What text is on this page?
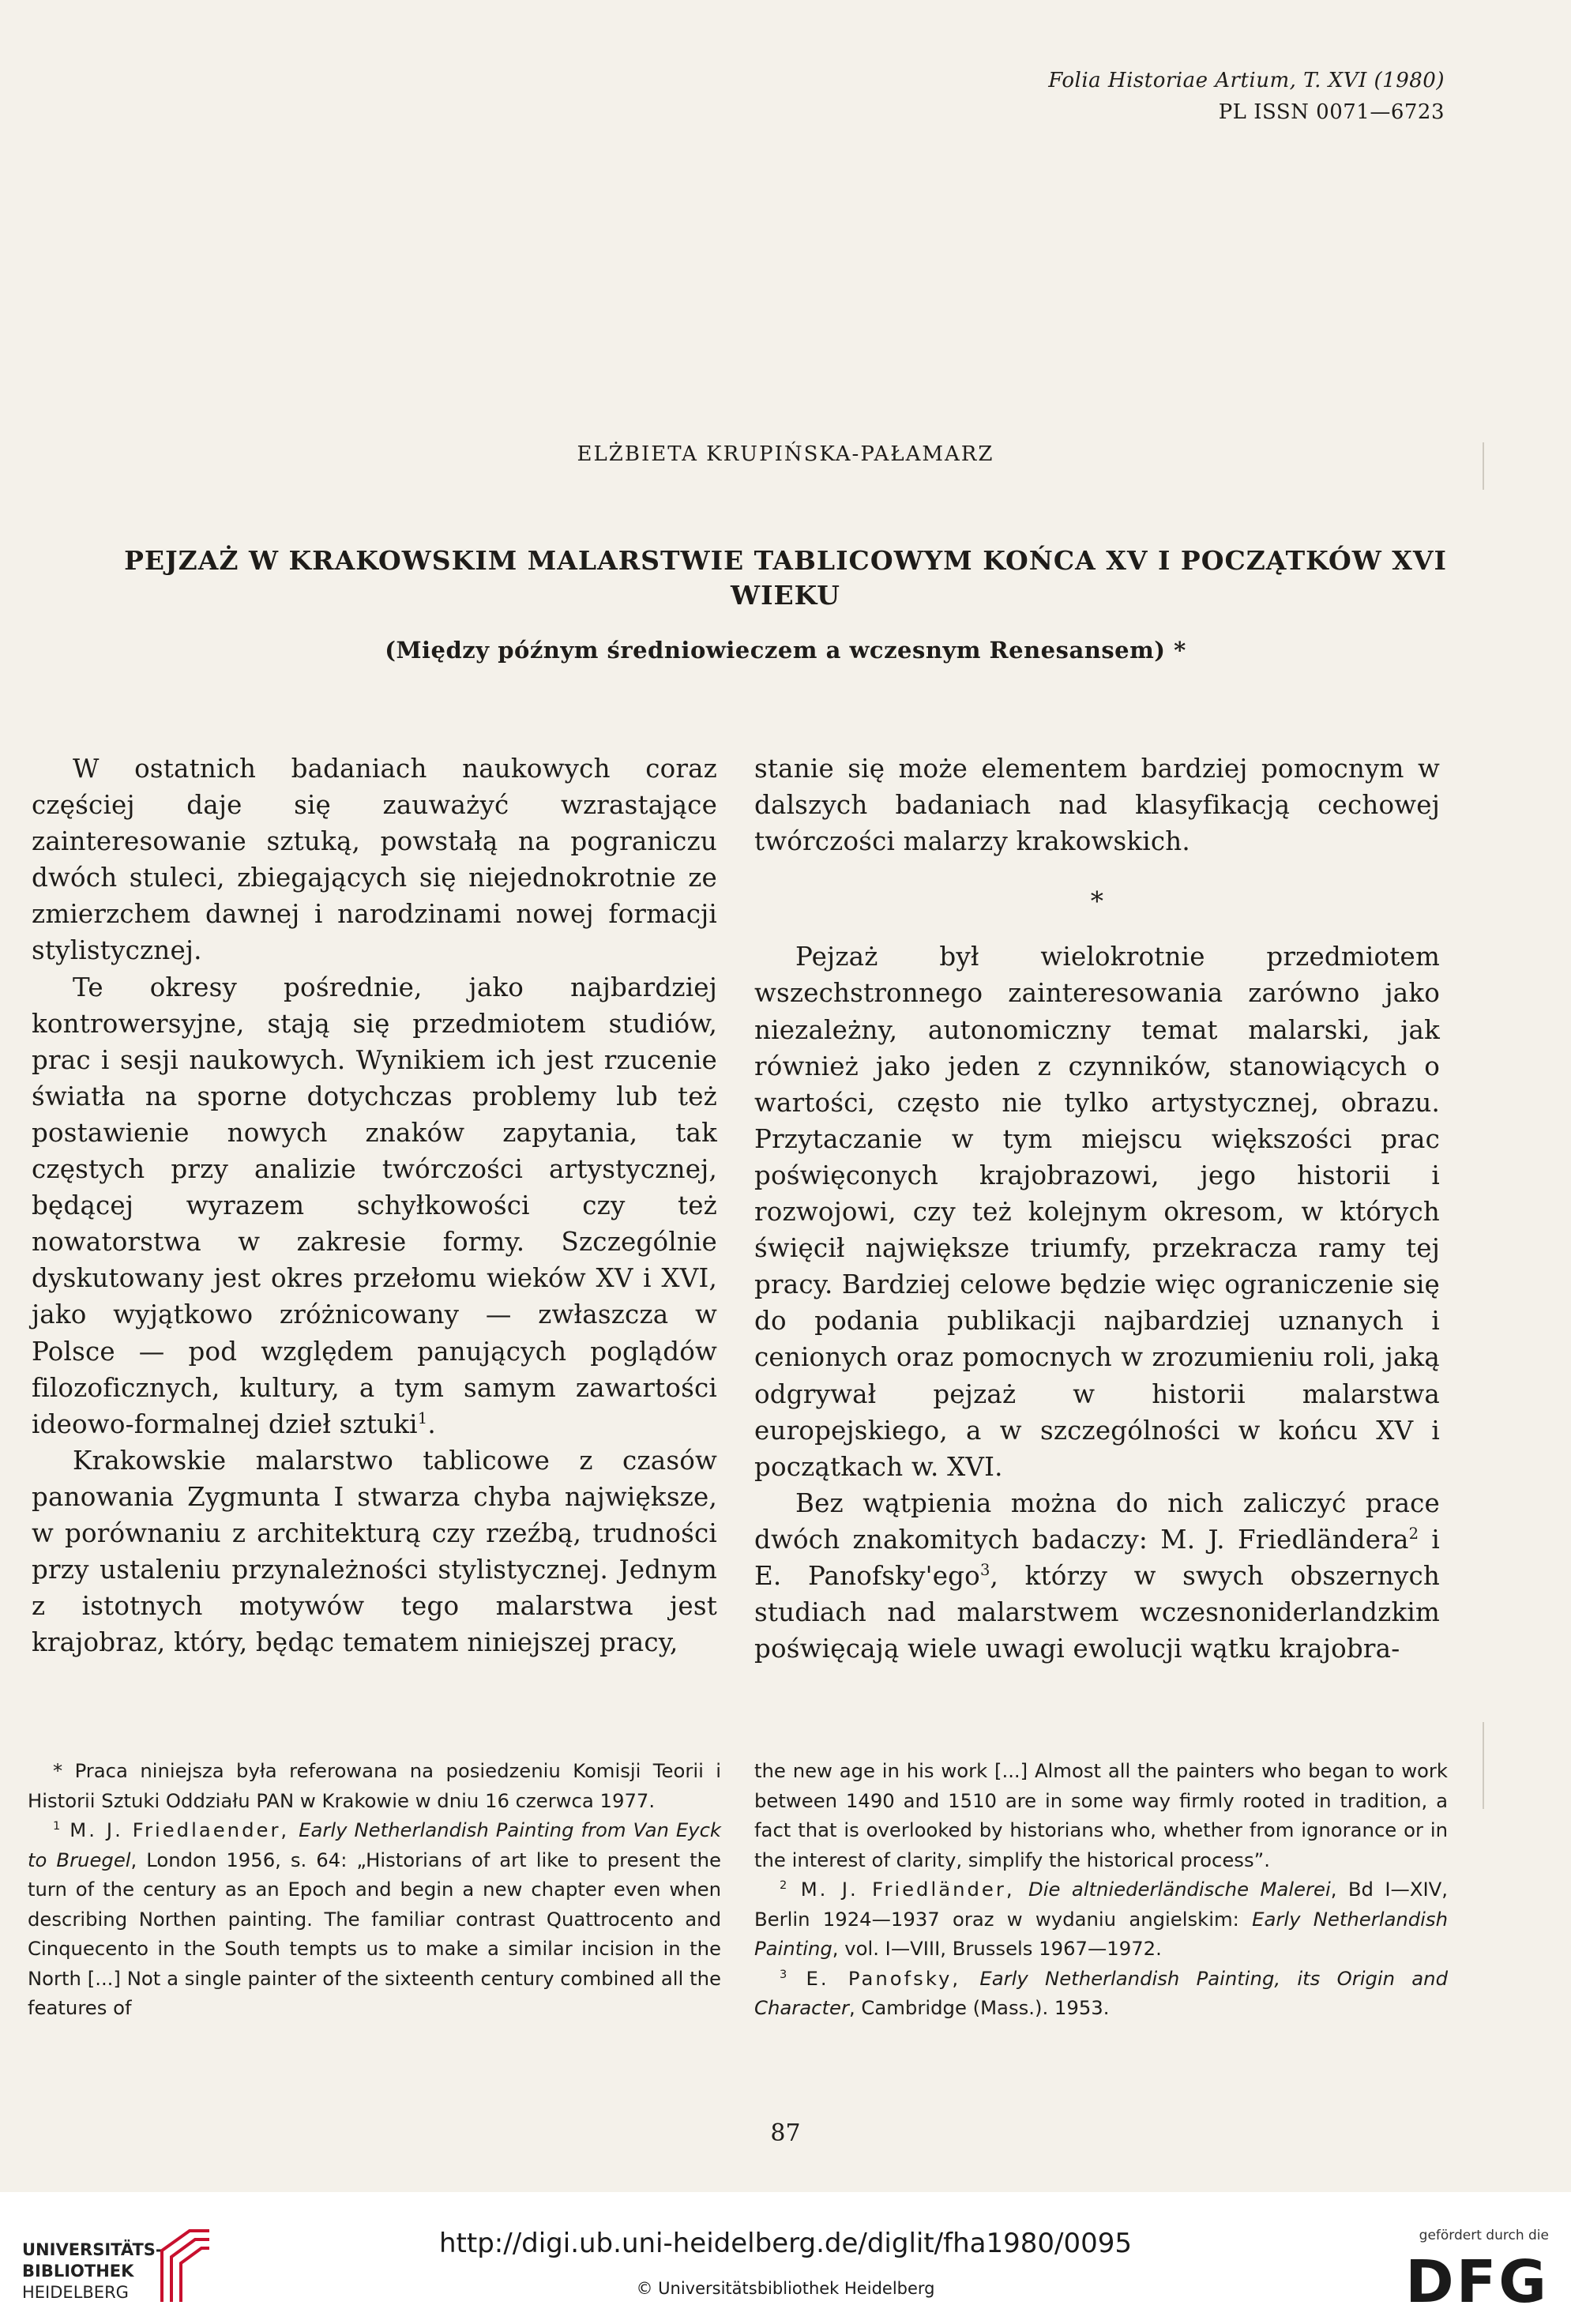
Folia Historiae Artium, T. XVI (1980)
PL ISSN 0071—6723
ELŻBIETA KRUPIŃSKA-PAŁAMARZ
PEJZAŻ W KRAKOWSKIM MALARSTWIE TABLICOWYM KOŃCA XV I POCZĄTKÓW XVI WIEKU
(Między późnym średniowieczem a wczesnym Renesansem) *

W ostatnich badaniach naukowych coraz częściej daje się zauważyć wzrastające zainteresowanie sztuką, powstałą na pograniczu dwóch stuleci, zbiegających się niejednokrotnie ze zmierzchem dawnej i narodzinami nowej formacji stylistycznej.

Te okresy pośrednie, jako najbardziej kontrowersyjne, stają się przedmiotem studiów, prac i sesji naukowych. Wynikiem ich jest rzucenie światła na sporne dotychczas problemy lub też postawienie nowych znaków zapytania, tak częstych przy analizie twórczości artystycznej, będącej wyrazem schyłkowości czy też nowatorstwa w zakresie formy. Szczególnie dyskutowany jest okres przełomu wieków XV i XVI, jako wyjątkowo zróżnicowany — zwłaszcza w Polsce — pod względem panujących poglądów filozoficznych, kultury, a tym samym zawartości ideowo-formalnej dzieł sztuki$^1$.

Krakowskie malarstwo tablicowe z czasów panowania Zygmunta I stwarza chyba największe, w porównaniu z architekturą czy rzeźbą, trudności przy ustaleniu przynależności stylistycznej. Jednym z istotnych motywów tego malarstwa jest krajobraz, który, będąc tematem niniejszej pracy,

stanie się może elementem bardziej pomocnym w dalszych badaniach nad klasyfikacją cechowej twórczości malarzy krakowskich.

*

Pejzaż był wielokrotnie przedmiotem wszechstronnego zainteresowania zarówno jako niezależny, autonomiczny temat malarski, jak również jako jeden z czynników, stanowiących o wartości, często nie tylko artystycznej, obrazu. Przytaczanie w tym miejscu większości prac poświęconych krajobrazowi, jego historii i rozwojowi, czy też kolejnym okresom, w których święcił największe triumfy, przekracza ramy tej pracy. Bardziej celowe będzie więc ograniczenie się do podania publikacji najbardziej uznanych i cenionych oraz pomocnych w zrozumieniu roli, jaką odgrywał pejzaż w historii malarstwa europejskiego, a w szczególności w końcu XV i początkach w. XVI.

Bez wątpienia można do nich zaliczyć prace dwóch znakomitych badaczy: M. J. Friedländera$^2$ i E. Panofsky'ego$^3$, którzy w swych obszernych studiach nad malarstwem wczesnoniderlandzkim poświęcają wiele uwagi ewolucji wątku krajobra-

* Praca niniejsza była referowana na posiedzeniu Komisji Teorii i Historii Sztuki Oddziału PAN w Krakowie w dniu 16 czerwca 1977.

$^1$ M. J. Friedlaender, Early Netherlandish Painting from Van Eyck to Bruegel, London 1956, s. 64: „Historians of art like to present the turn of the century as an Epoch and begin a new chapter even when describing Northen painting. The familiar contrast Quattrocento and Cinquecento in the South tempts us to make a similar incision in the North [...] Not a single painter of the sixteenth century combined all the features of

the new age in his work [...] Almost all the painters who began to work between 1490 and 1510 are in some way firmly rooted in tradition, a fact that is overlooked by historians who, whether from ignorance or in the interest of clarity, simplify the historical process”.

$^2$ M. J. Friedländer, Die altniederländische Malerei, Bd I—XIV, Berlin 1924—1937 oraz w wydaniu angielskim: Early Netherlandish Painting, vol. I—VIII, Brussels 1967—1972.

$^3$ E. Panofsky, Early Netherlandish Painting, its Origin and Character, Cambridge (Mass.). 1953.

87
UNIVERSITÄTS-
BIBLIOTHEK
HEIDELBERG
http://digi.ub.uni-heidelberg.de/diglit/fha1980/0095
© Universitätsbibliothek Heidelberg
gefördert durch die
DFG
